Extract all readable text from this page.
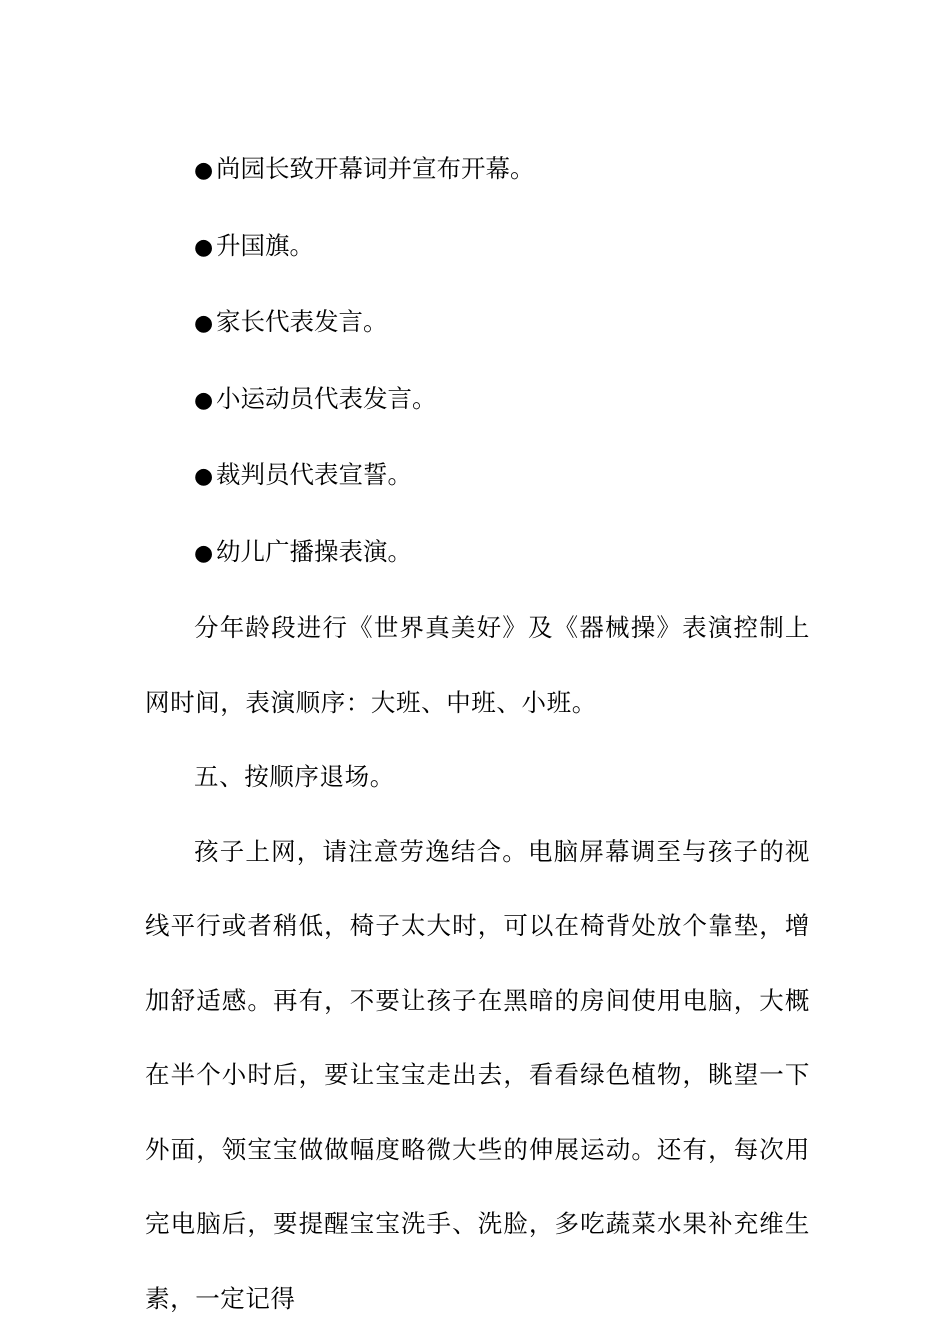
● 尚园长致开幕词并宣布开幕。
● 升国旗。
● 家长代表发言。
● 小运动员代表发言。
● 裁判员代表宣誓。
● 幼儿广播操表演。

分年龄段进行《世界真美好》及《器械操》表演控制上网时间，表演顺序：大班、中班、小班。

五、按顺序退场。

孩子上网，请注意劳逸结合。电脑屏幕调至与孩子的视线平行或者稍低，椅子太大时，可以在椅背处放个靠垫，增加舒适感。再有，不要让孩子在黑暗的房间使用电脑，大概在半个小时后，要让宝宝走出去，看看绿色植物，眺望一下外面，领宝宝做做幅度略微大些的伸展运动。还有，每次用完电脑后，要提醒宝宝洗手、洗脸，多吃蔬菜水果补充维生素，一定记得
